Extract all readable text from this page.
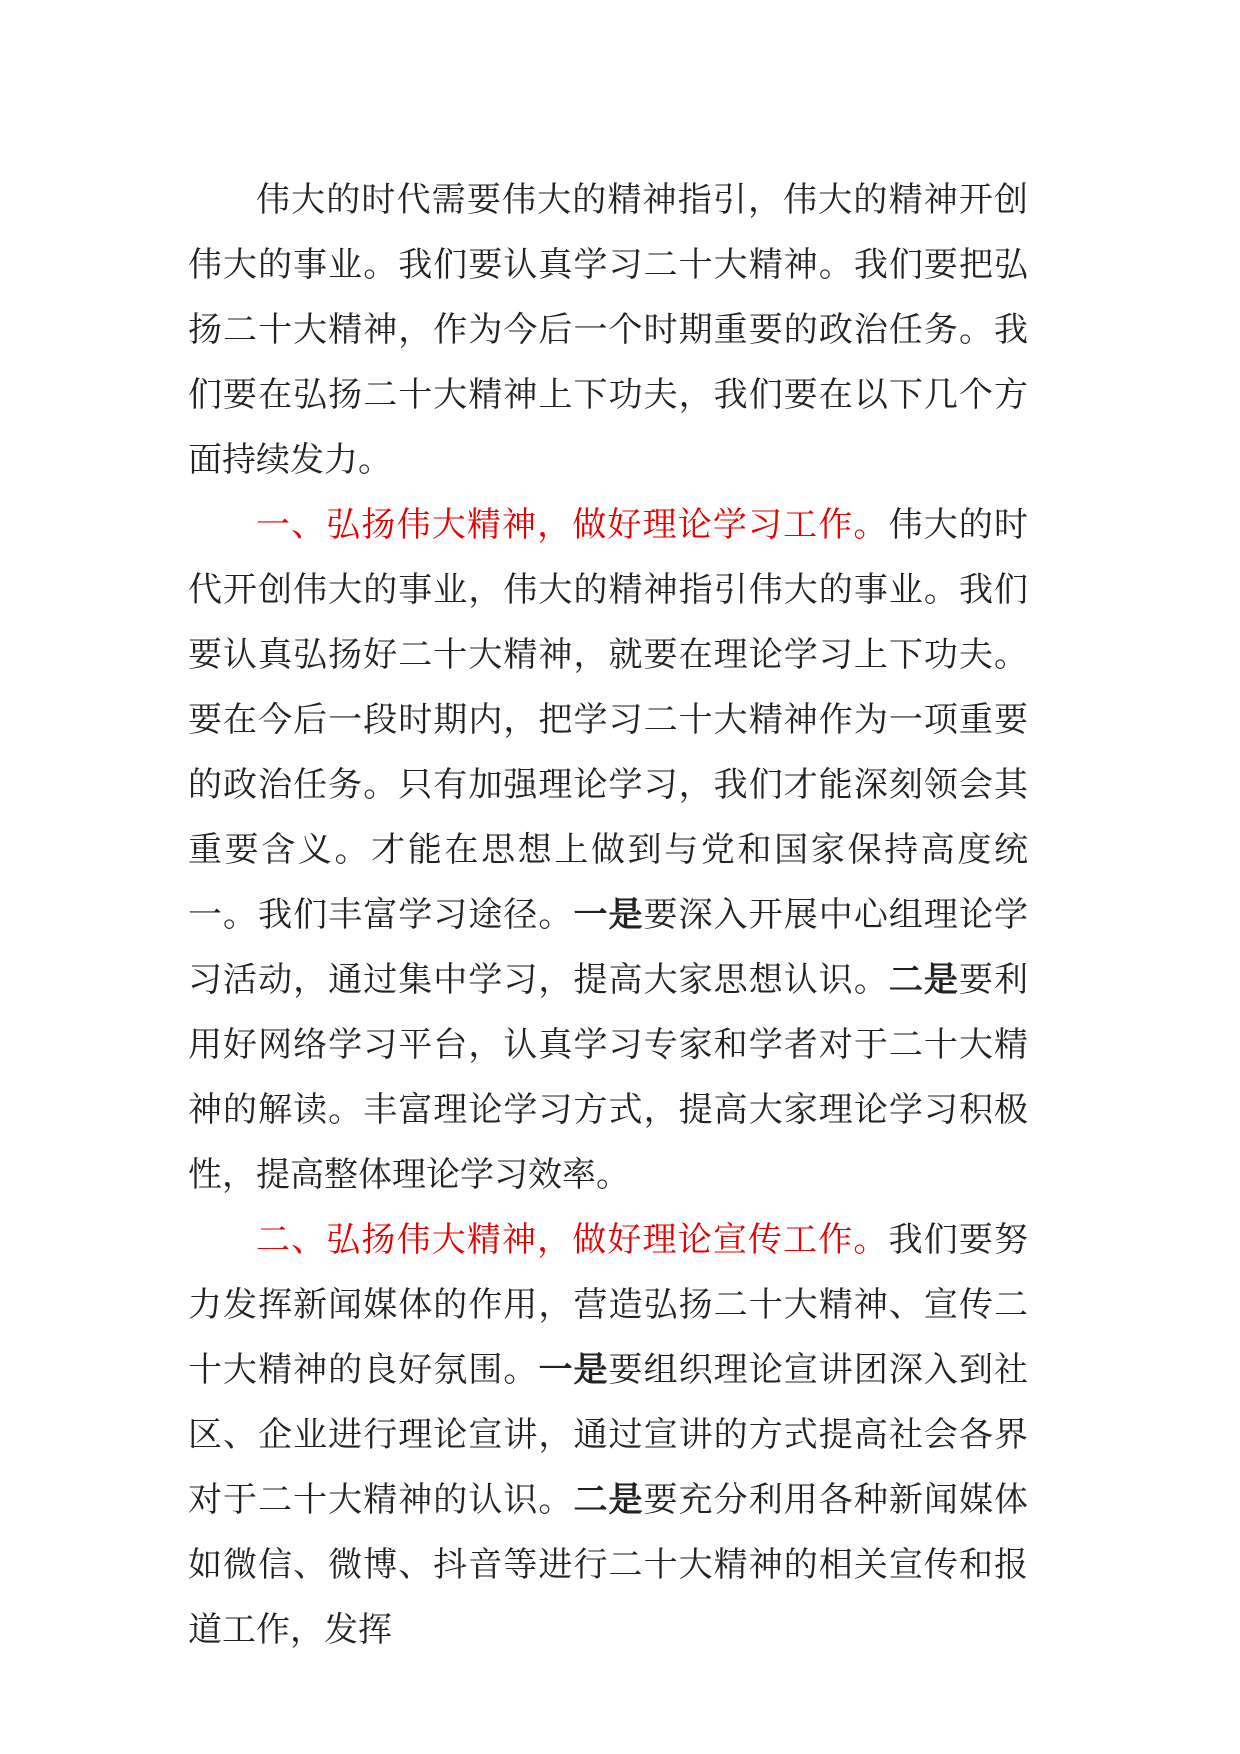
伟大的时代需要伟大的精神指引，伟大的精神开创伟大的事业。我们要认真学习二十大精神。我们要把弘扬二十大精神，作为今后一个时期重要的政治任务。我们要在弘扬二十大精神上下功夫，我们要在以下几个方面持续发力。

一、弘扬伟大精神，做好理论学习工作。伟大的时代开创伟大的事业，伟大的精神指引伟大的事业。我们要认真弘扬好二十大精神，就要在理论学习上下功夫。要在今后一段时期内，把学习二十大精神作为一项重要的政治任务。只有加强理论学习，我们才能深刻领会其重要含义。才能在思想上做到与党和国家保持高度统一。我们丰富学习途径。一是要深入开展中心组理论学习活动，通过集中学习，提高大家思想认识。二是要利用好网络学习平台，认真学习专家和学者对于二十大精神的解读。丰富理论学习方式，提高大家理论学习积极性，提高整体理论学习效率。

二、弘扬伟大精神，做好理论宣传工作。我们要努力发挥新闻媒体的作用，营造弘扬二十大精神、宣传二十大精神的良好氛围。一是要组织理论宣讲团深入到社区、企业进行理论宣讲，通过宣讲的方式提高社会各界对于二十大精神的认识。二是要充分利用各种新闻媒体如微信、微博、抖音等进行二十大精神的相关宣传和报道工作，发挥
